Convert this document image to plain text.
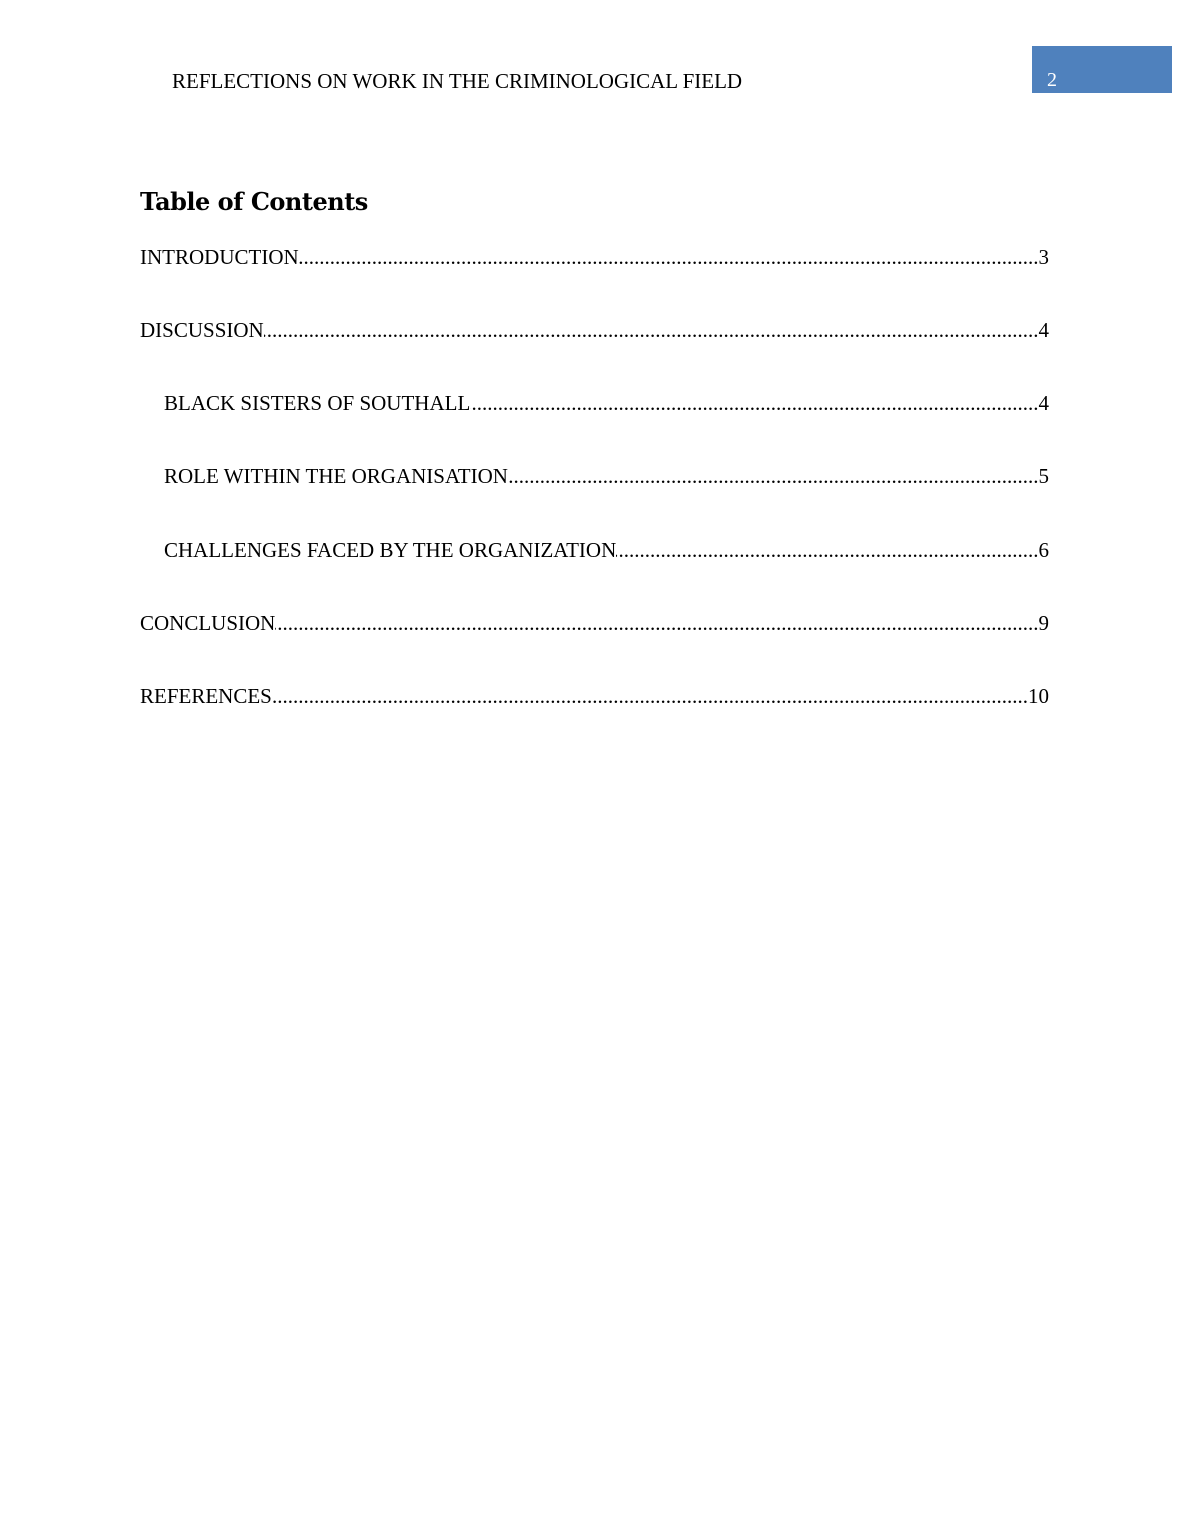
REFLECTIONS ON WORK IN THE CRIMINOLOGICAL FIELD	2
Table of Contents
INTRODUCTION .....	3
DISCUSSION .....	4
BLACK SISTERS OF SOUTHALL .....	4
ROLE WITHIN THE ORGANISATION .....	5
CHALLENGES FACED BY THE ORGANIZATION .....	6
CONCLUSION .....	9
REFERENCES .....	10
